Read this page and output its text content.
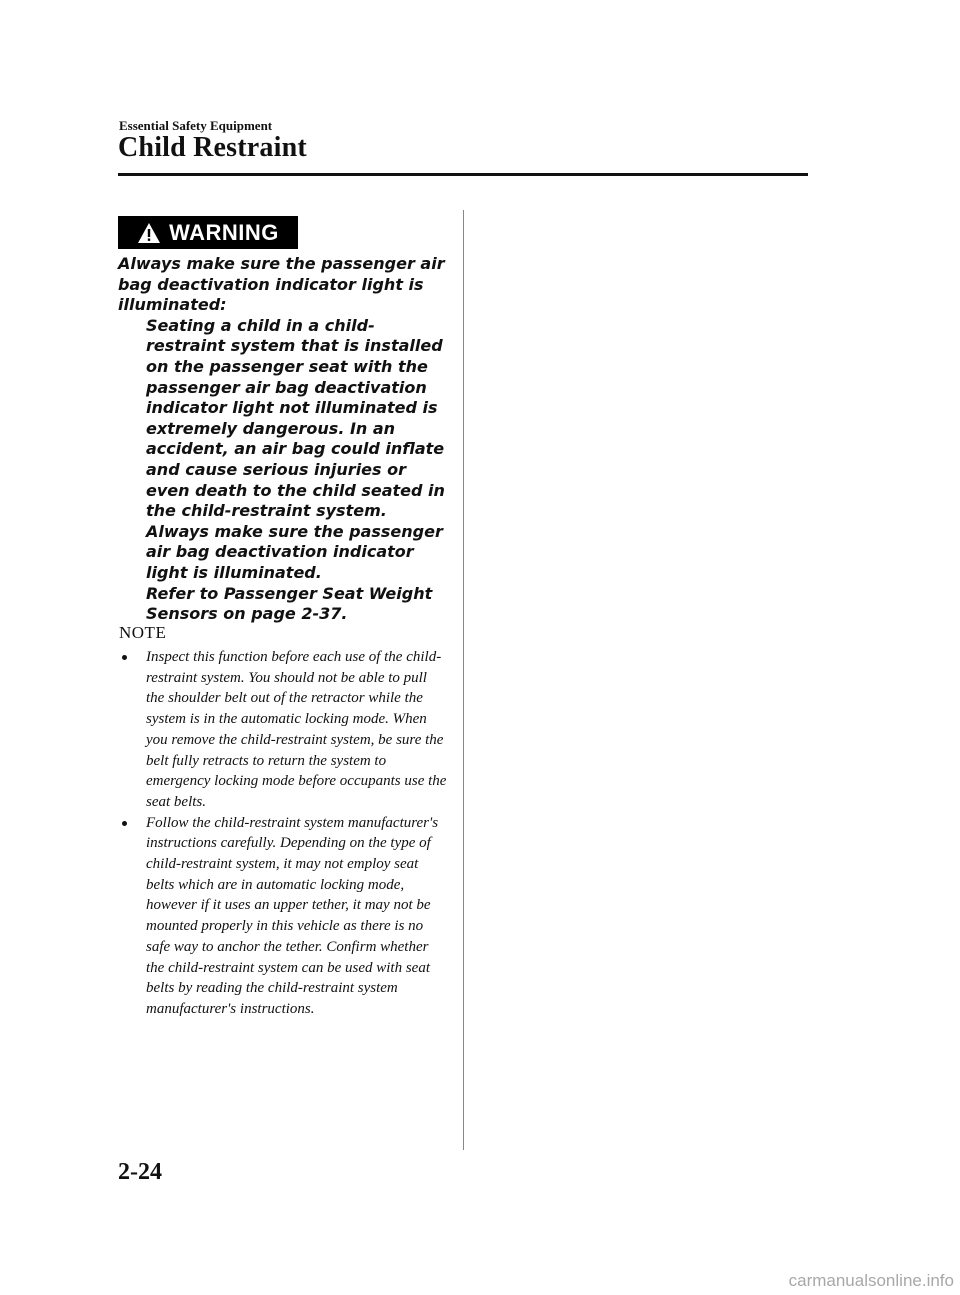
Essential Safety Equipment
Child Restraint
WARNING

Always make sure the passenger air bag deactivation indicator light is illuminated:

Seating a child in a child-restraint system that is installed on the passenger seat with the passenger air bag deactivation indicator light not illuminated is extremely dangerous. In an accident, an air bag could inflate and cause serious injuries or even death to the child seated in the child-restraint system. Always make sure the passenger air bag deactivation indicator light is illuminated.

Refer to Passenger Seat Weight Sensors on page 2-37.

NOTE
Inspect this function before each use of the child-restraint system. You should not be able to pull the shoulder belt out of the retractor while the system is in the automatic locking mode. When you remove the child-restraint system, be sure the belt fully retracts to return the system to emergency locking mode before occupants use the seat belts.
Follow the child-restraint system manufacturer's instructions carefully. Depending on the type of child-restraint system, it may not employ seat belts which are in automatic locking mode, however if it uses an upper tether, it may not be mounted properly in this vehicle as there is no safe way to anchor the tether. Confirm whether the child-restraint system can be used with seat belts by reading the child-restraint system manufacturer's instructions.
2-24
carmanualsonline.info
